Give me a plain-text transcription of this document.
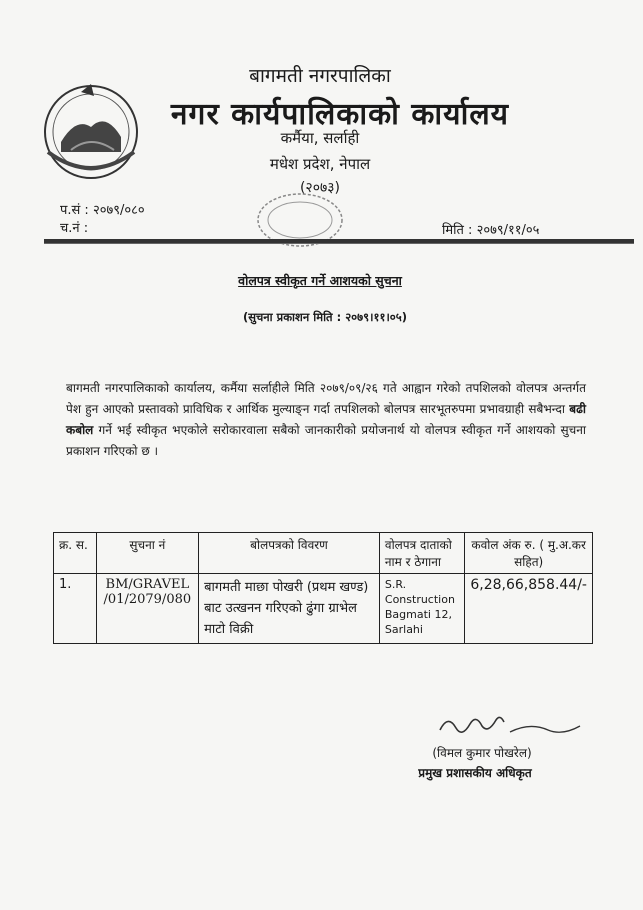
बागमती नगरपालिका
नगर कार्यपालिकाको कार्यालय
कर्मैया, सर्लाही
मधेश प्रदेश, नेपाल
(२०७३)
प.सं : २०७९/०८०
च.नं :	मिति : २०७९/११/०५
वोलपत्र स्वीकृत गर्ने आशयको सुचना
(सुचना प्रकाशन मिति : २०७९।११।०५)
बागमती नगरपालिकाको कार्यालय, कर्मैया सर्लाहीले मिति २०७९/०९/२६ गते आह्वान गरेको तपशिलको वोलपत्र अन्तर्गत पेश हुन आएको प्रस्तावको प्राविधिक र आर्थिक मुल्याङ्‍न गर्दा तपशिलको बोलपत्र सारभूतरुपमा प्रभावग्राही सबैभन्दा बढी कबोल गर्ने भई स्वीकृत भएकोले सरोकारवाला सबैको जानकारीको प्रयोजनार्थ यो वोलपत्र स्वीकृत गर्ने आशयको सुचना प्रकाशन गरिएको छ ।
क्र. स.	सुचना नं	बोलपत्रको विवरण	वोलपत्र दाताको नाम र ठेगाना	कवोल अंक रु. ( मु.अ.कर सहित)
1.	BM/GRAVEL /01/2079/080	बागमती माछा पोखरी (प्रथम खण्ड) बाट उत्खनन गरिएको ढुंगा ग्राभेल माटो विक्री	S.R. Construction Bagmati 12, Sarlahi	6,28,66,858.44/-
(विमल कुमार पोखरेल)
प्रमुख प्रशासकीय अधिकृत
